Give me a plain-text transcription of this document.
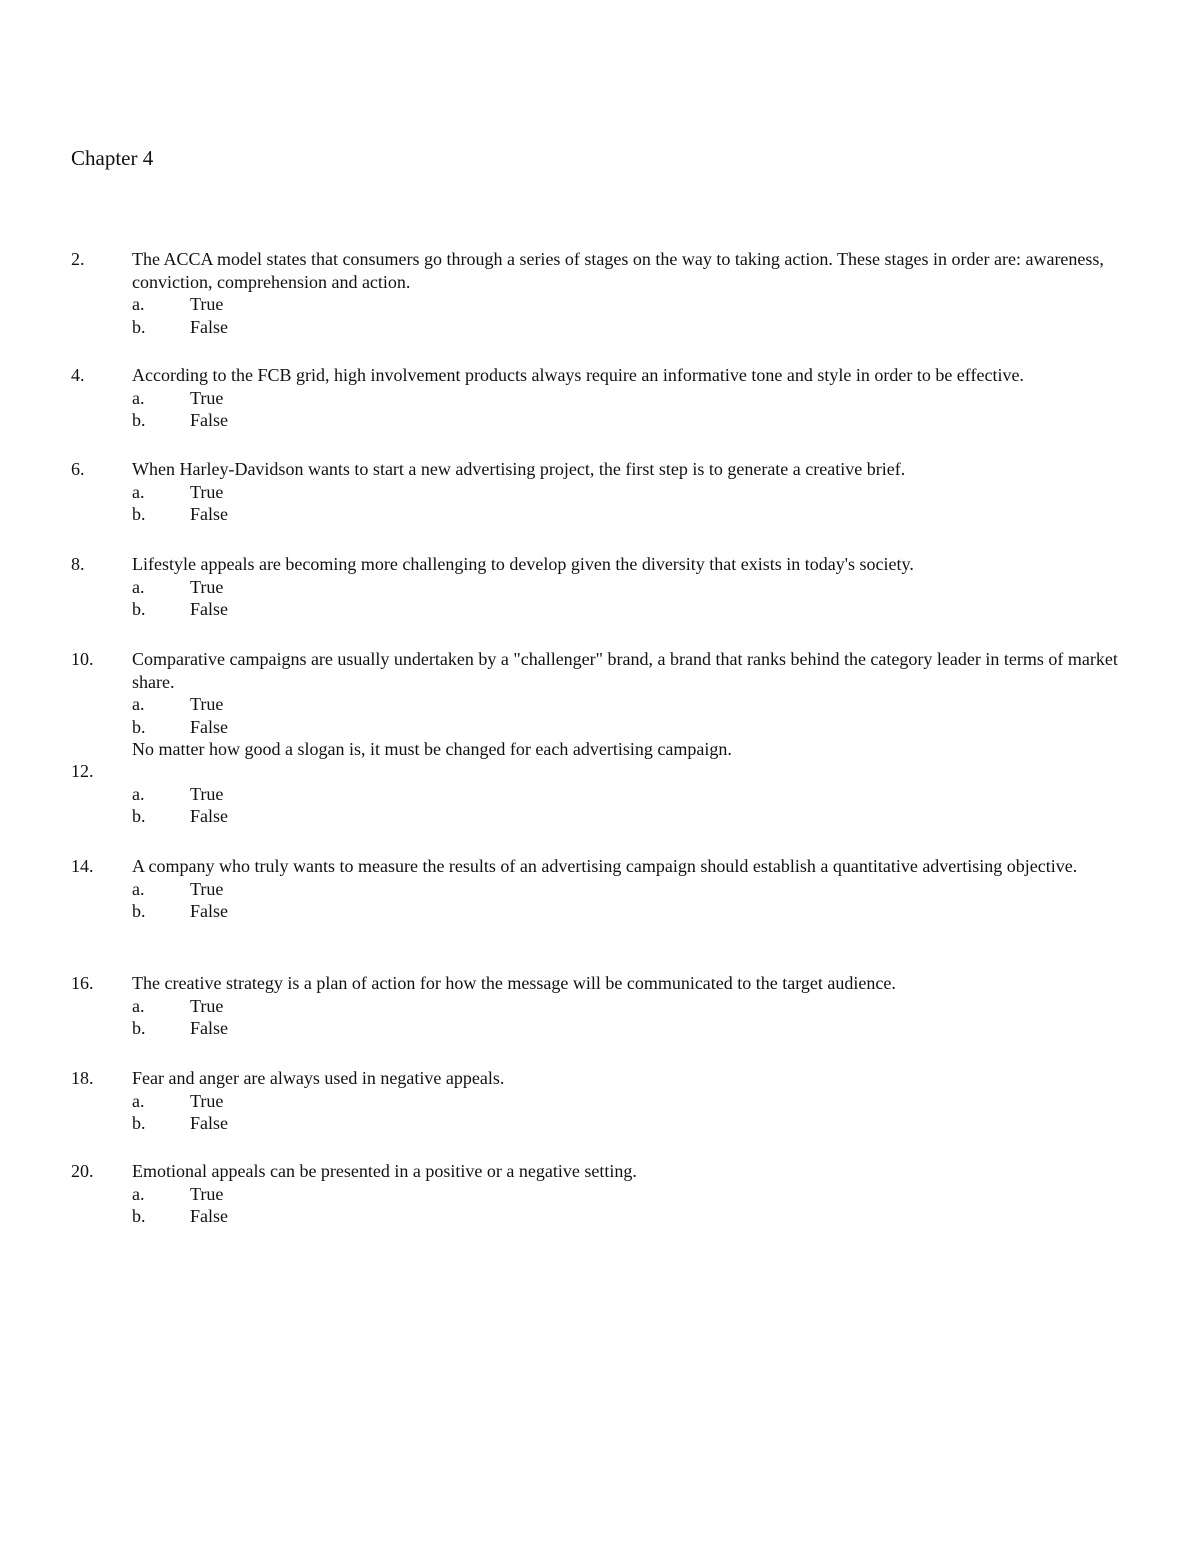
Chapter 4
2.	The ACCA model states that consumers go through a series of stages on the way to taking action. These stages in order are: awareness, conviction, comprehension and action.
a.	True
b. False
4.	According to the FCB grid, high involvement products always require an informative tone and style in order to be effective.
a.	True
b. False
6.	When Harley-Davidson wants to start a new advertising project, the first step is to generate a creative brief.
a.	True
b. False
8.	Lifestyle appeals are becoming more challenging to develop given the diversity that exists in today's society.
a.	True
b. False
10.	Comparative campaigns are usually undertaken by a "challenger" brand, a brand that ranks behind the category leader in terms of market share.
a.	True
b. False
12.
No matter how good a slogan is, it must be changed for each advertising campaign.
a.	True
b. False
14.	A company who truly wants to measure the results of an advertising campaign should establish a quantitative advertising objective.
a.	True
b. False
16.	The creative strategy is a plan of action for how the message will be communicated to the target audience.
a.	True
b. False
18.	Fear and anger are always used in negative appeals.
a.	True
b. False
20.	Emotional appeals can be presented in a positive or a negative setting.
a.	True
b. False
